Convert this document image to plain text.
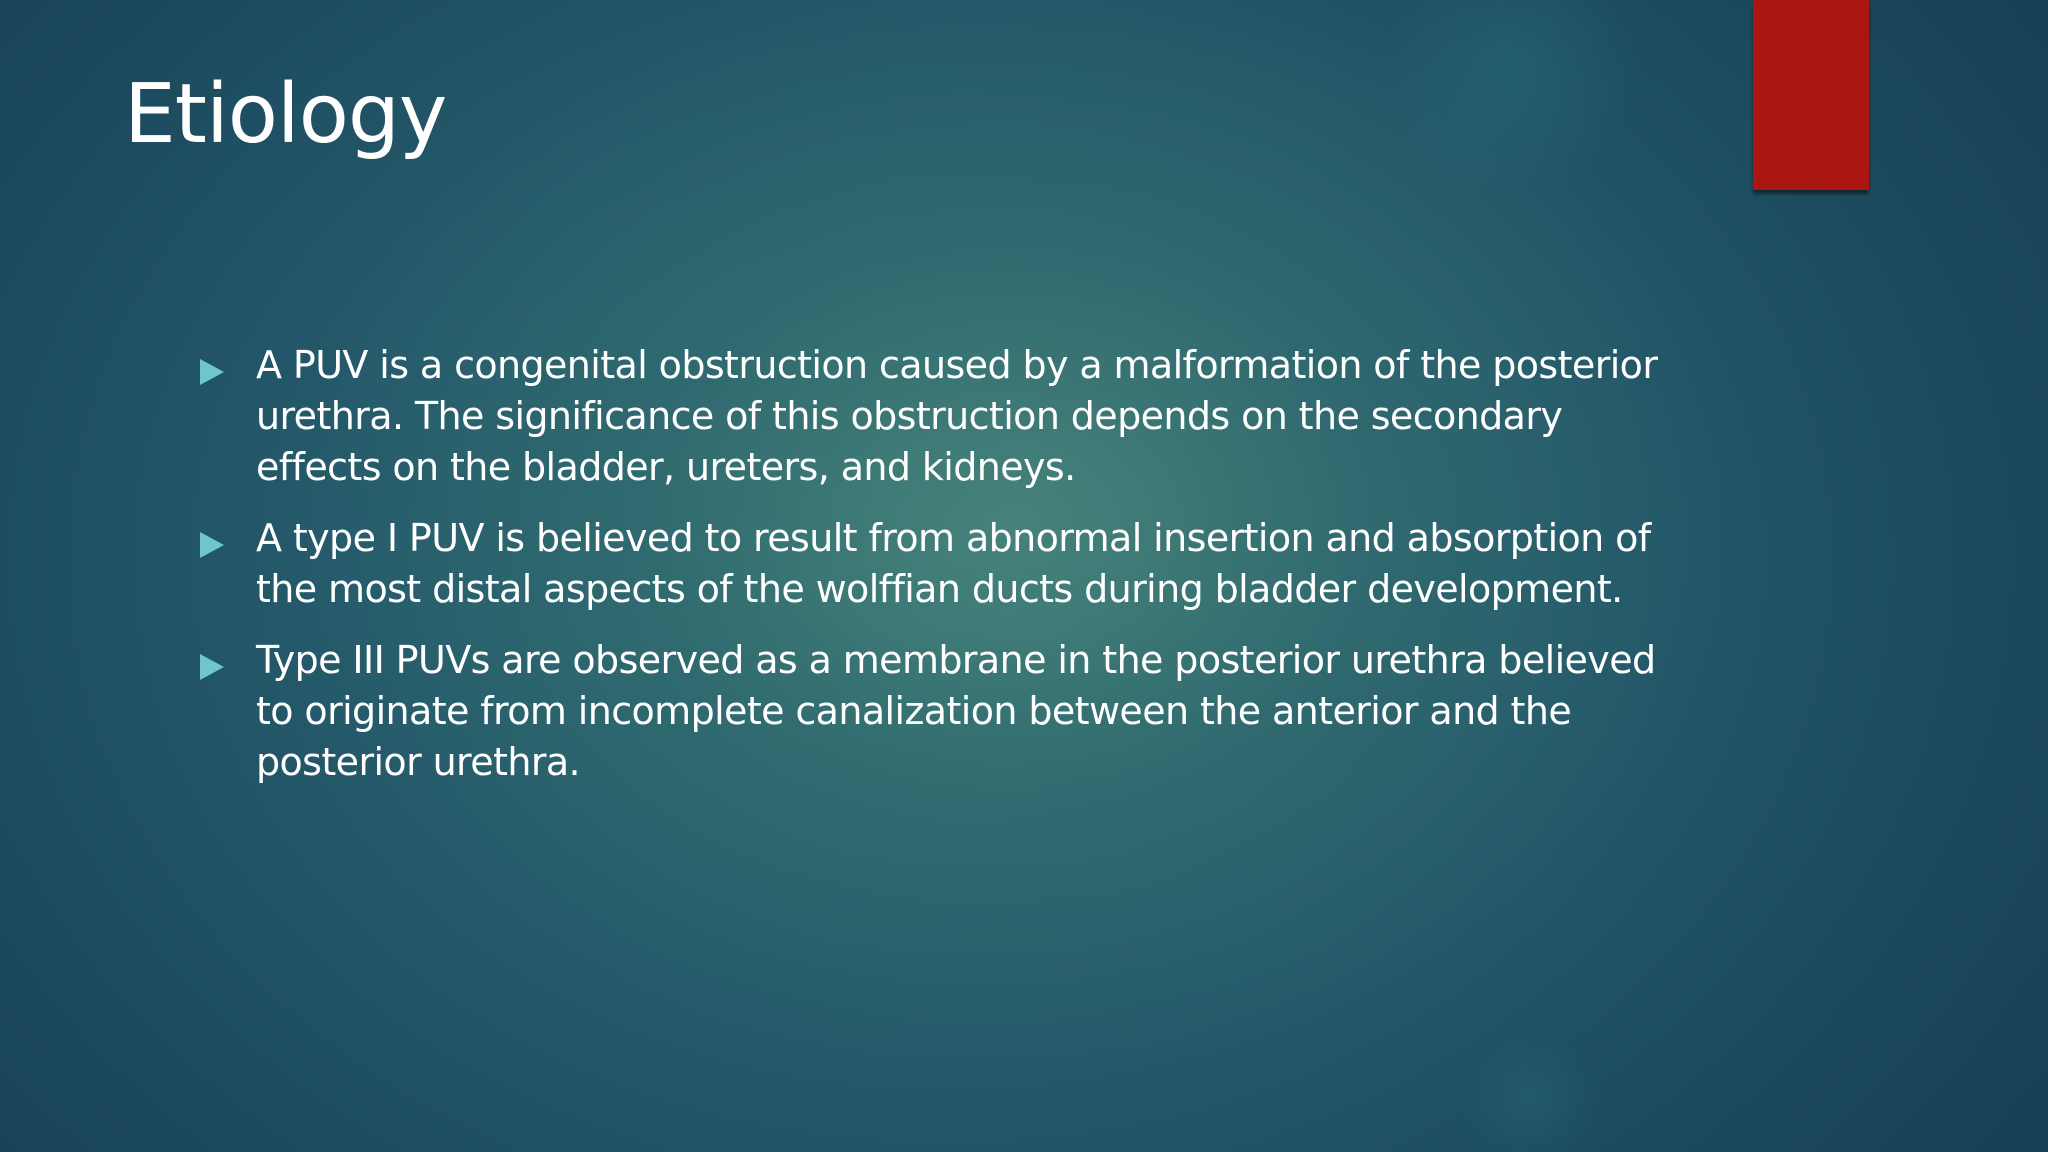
Etiology
A PUV is a congenital obstruction caused by a malformation of the posterior urethra. The significance of this obstruction depends on the secondary effects on the bladder, ureters, and kidneys.
A type I PUV is believed to result from abnormal insertion and absorption of the most distal aspects of the wolffian ducts during bladder development.
Type III PUVs are observed as a membrane in the posterior urethra believed to originate from incomplete canalization between the anterior and the posterior urethra.
